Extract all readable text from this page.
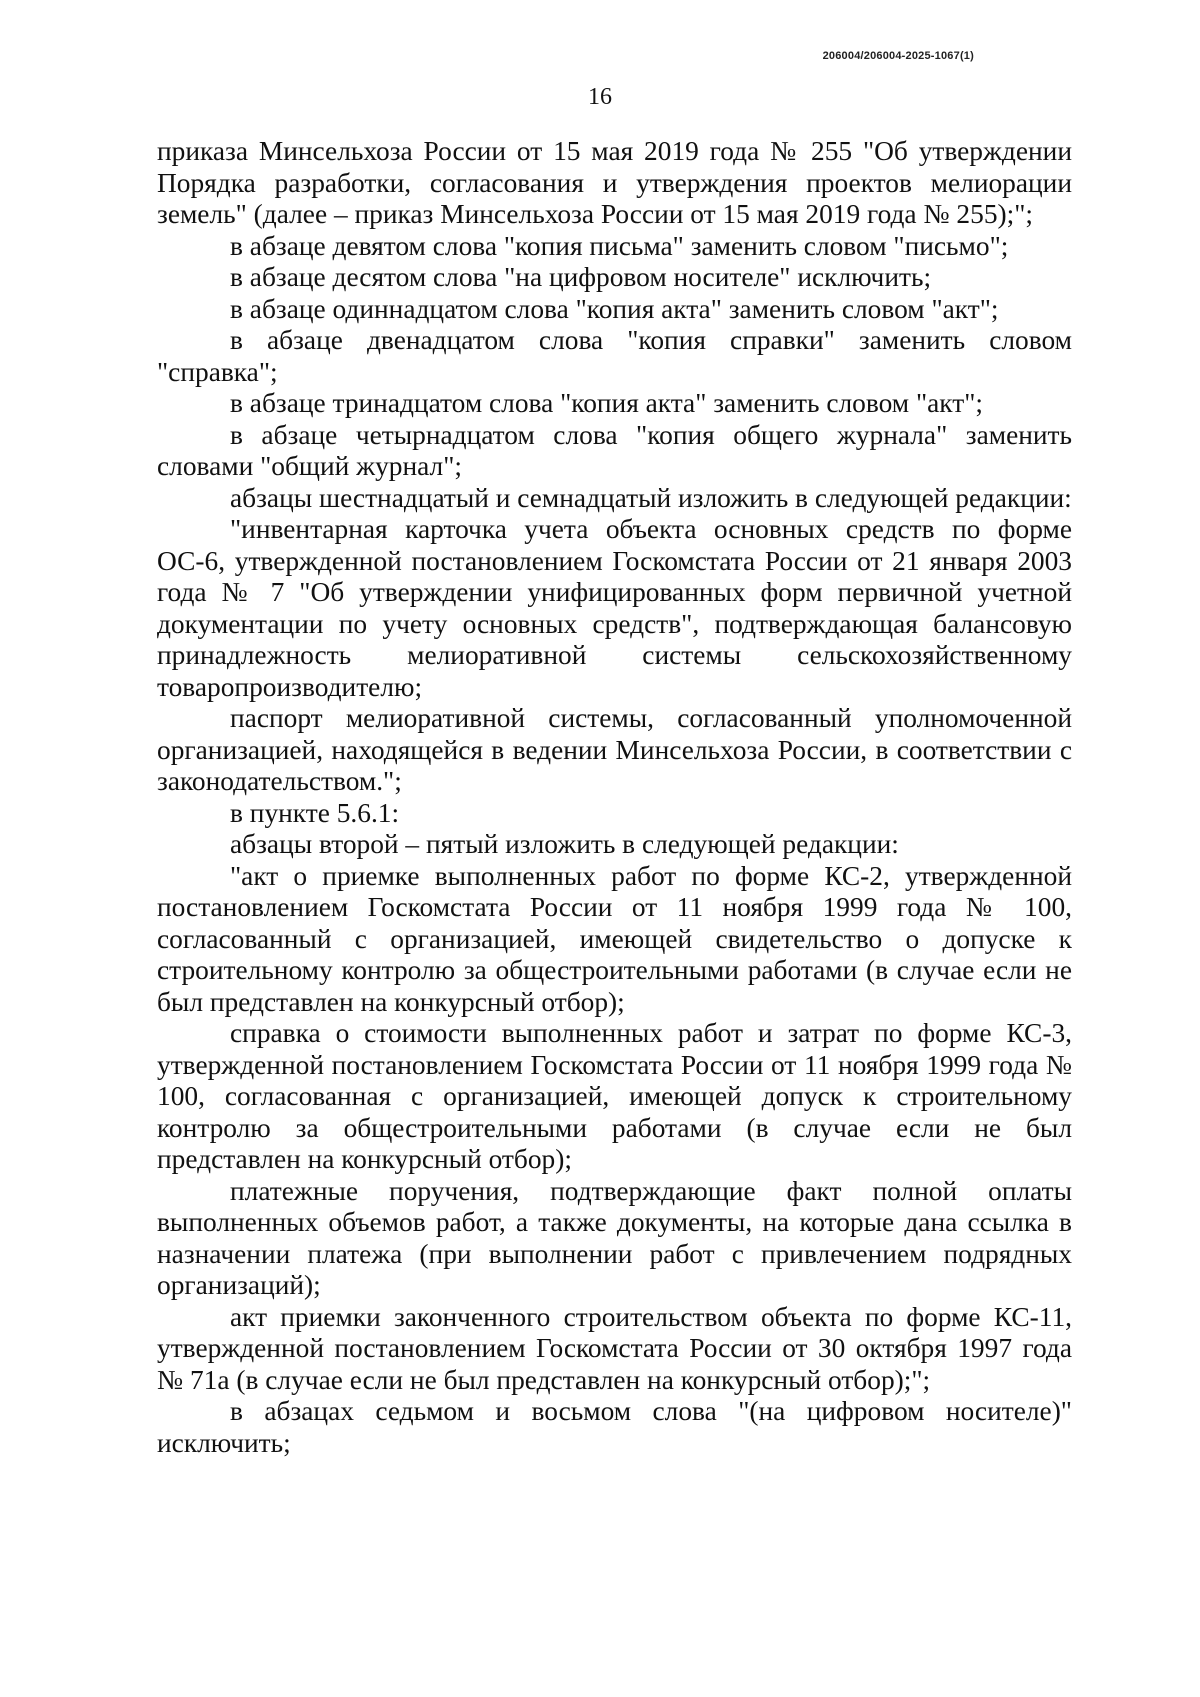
206004/206004-2025-1067(1)
16

приказа Минсельхоза России от 15 мая 2019 года № 255 "Об утверждении Порядка разработки, согласования и утверждения проектов мелиорации земель" (далее – приказ Минсельхоза России от 15 мая 2019 года № 255);";

в абзаце девятом слова "копия письма" заменить словом "письмо";

в абзаце десятом слова "на цифровом носителе" исключить;

в абзаце одиннадцатом слова "копия акта" заменить словом "акт";

в абзаце двенадцатом слова "копия справки" заменить словом "справка";

в абзаце тринадцатом слова "копия акта" заменить словом "акт";

в абзаце четырнадцатом слова "копия общего журнала" заменить словами "общий журнал";

абзацы шестнадцатый и семнадцатый изложить в следующей редакции:

"инвентарная карточка учета объекта основных средств по форме ОС-6, утвержденной постановлением Госкомстата России от 21 января 2003 года № 7 "Об утверждении унифицированных форм первичной учетной документации по учету основных средств", подтверждающая балансовую принадлежность мелиоративной системы сельскохозяйственному товаропроизводителю;

паспорт мелиоративной системы, согласованный уполномоченной организацией, находящейся в ведении Минсельхоза России, в соответствии с законодательством.";

в пункте 5.6.1:

абзацы второй – пятый изложить в следующей редакции:

"акт о приемке выполненных работ по форме КС-2, утвержденной постановлением Госкомстата России от 11 ноября 1999 года № 100, согласованный с организацией, имеющей свидетельство о допуске к строительному контролю за общестроительными работами (в случае если не был представлен на конкурсный отбор);

справка о стоимости выполненных работ и затрат по форме КС-3, утвержденной постановлением Госкомстата России от 11 ноября 1999 года № 100, согласованная с организацией, имеющей допуск к строительному контролю за общестроительными работами (в случае если не был представлен на конкурсный отбор);

платежные поручения, подтверждающие факт полной оплаты выполненных объемов работ, а также документы, на которые дана ссылка в назначении платежа (при выполнении работ с привлечением подрядных организаций);

акт приемки законченного строительством объекта по форме КС-11, утвержденной постановлением Госкомстата России от 30 октября 1997 года № 71а (в случае если не был представлен на конкурсный отбор);";

в абзацах седьмом и восьмом слова "(на цифровом носителе)" исключить;
